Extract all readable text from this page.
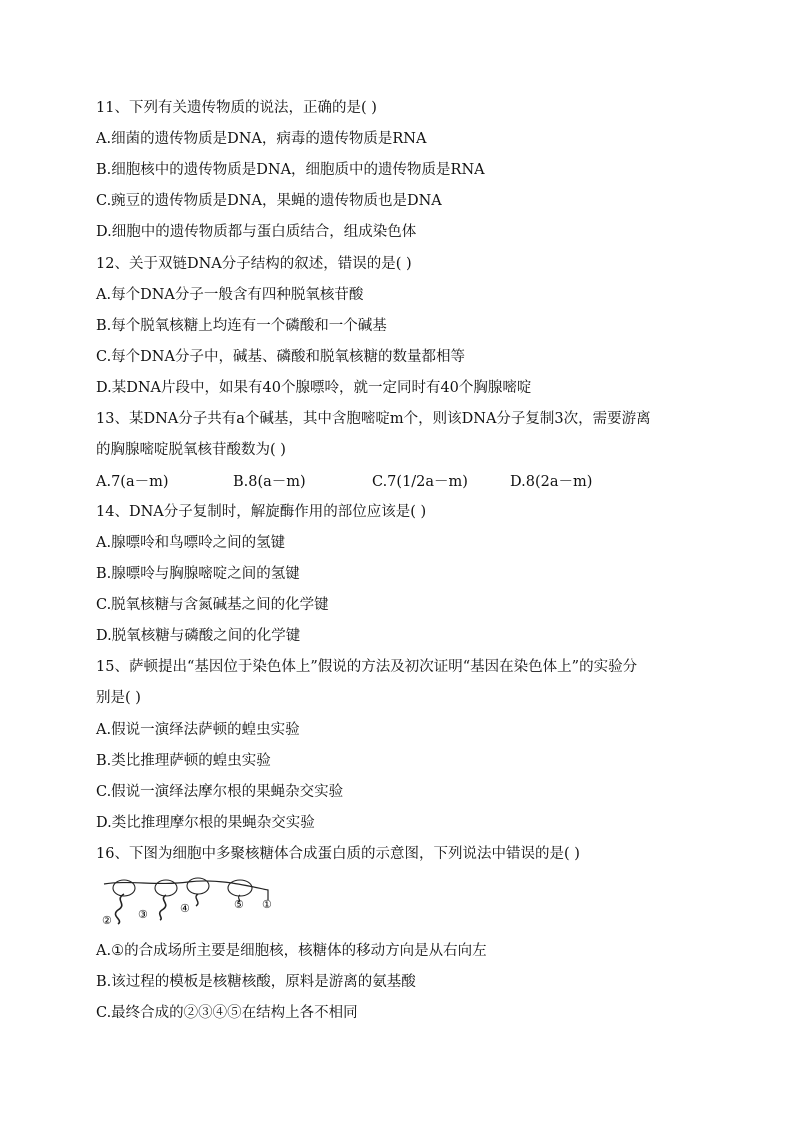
11、下列有关遗传物质的说法，正确的是( )
A.细菌的遗传物质是DNA，病毒的遗传物质是RNA
B.细胞核中的遗传物质是DNA，细胞质中的遗传物质是RNA
C.豌豆的遗传物质是DNA，果蝇的遗传物质也是DNA
D.细胞中的遗传物质都与蛋白质结合，组成染色体
12、关于双链DNA分子结构的叙述，错误的是( )
A.每个DNA分子一般含有四种脱氧核苷酸
B.每个脱氧核糖上均连有一个磷酸和一个碱基
C.每个DNA分子中，碱基、磷酸和脱氧核糖的数量都相等
D.某DNA片段中，如果有40个腺嘌呤，就一定同时有40个胸腺嘧啶
13、某DNA分子共有a个碱基，其中含胞嘧啶m个，则该DNA分子复制3次，需要游离
的胸腺嘧啶脱氧核苷酸数为( )
A.7(a－m)	B.8(a－m)	C.7(1/2a－m)	D.8(2a－m)
14、DNA分子复制时，解旋酶作用的部位应该是( )
A.腺嘌呤和鸟嘌呤之间的氢键
B.腺嘌呤与胸腺嘧啶之间的氢键
C.脱氧核糖与含氮碱基之间的化学键
D.脱氧核糖与磷酸之间的化学键
15、萨顿提出“基因位于染色体上”假说的方法及初次证明“基因在染色体上”的实验分
别是( )
A.假说一演绎法萨顿的蝗虫实验
B.类比推理萨顿的蝗虫实验
C.假说一演绎法摩尔根的果蝇杂交实验
D.类比推理摩尔根的果蝇杂交实验
16、下图为细胞中多聚核糖体合成蛋白质的示意图，下列说法中错误的是( )
② ③	④	⑤ ①
A.①的合成场所主要是细胞核，核糖体的移动方向是从右向左
B.该过程的模板是核糖核酸，原料是游离的氨基酸
C.最终合成的②③④⑤在结构上各不相同
